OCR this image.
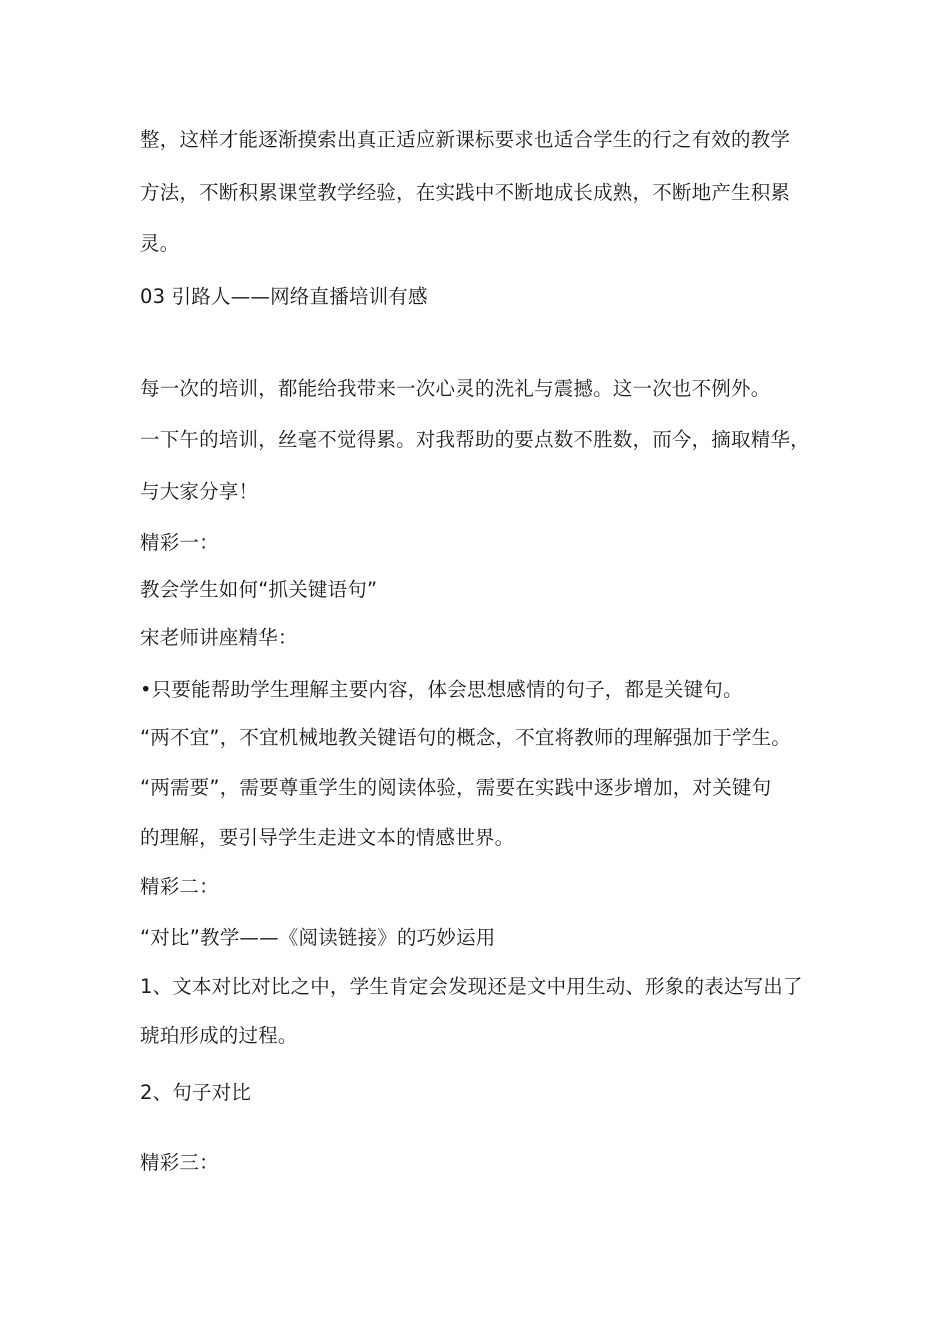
整，这样才能逐渐摸索出真正适应新课标要求也适合学生的行之有效的教学
方法，不断积累课堂教学经验，在实践中不断地成长成熟，不断地产生积累
灵。
03 引路人——网络直播培训有感
每一次的培训，都能给我带来一次心灵的洗礼与震撼。这一次也不例外。
一下午的培训，丝毫不觉得累。对我帮助的要点数不胜数，而今，摘取精华，
与大家分享！
精彩一：
教会学生如何“抓关键语句”
宋老师讲座精华：
•只要能帮助学生理解主要内容，体会思想感情的句子，都是关键句。
“两不宜”，不宜机械地教关键语句的概念，不宜将教师的理解强加于学生。
“两需要”，需要尊重学生的阅读体验，需要在实践中逐步增加，对关键句
的理解，要引导学生走进文本的情感世界。
精彩二：
“对比”教学——《阅读链接》的巧妙运用
1、文本对比对比之中，学生肯定会发现还是文中用生动、形象的表达写出了
琥珀形成的过程。
2、句子对比
精彩三：
